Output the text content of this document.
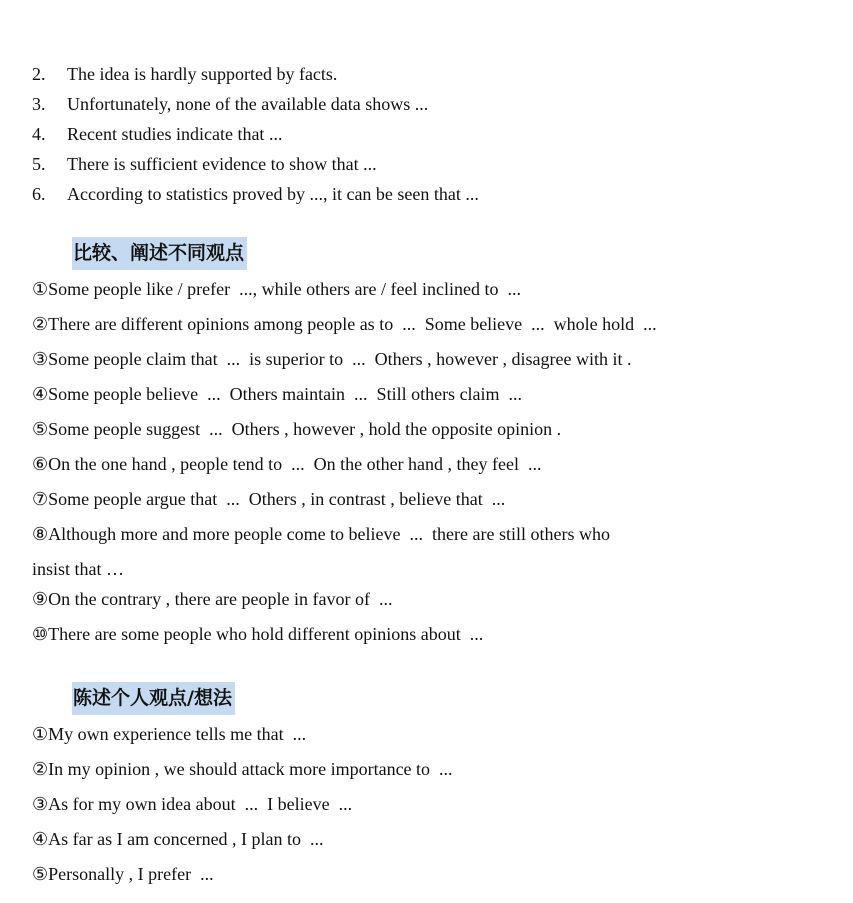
2. The idea is hardly supported by facts.
3. Unfortunately, none of the available data shows ...
4. Recent studies indicate that ...
5. There is sufficient evidence to show that ...
6. According to statistics proved by ..., it can be seen that ...
比较、阐述不同观点
①Some people like / prefer  ..., while others are / feel inclined to  ...
②There are different opinions among people as to  ...  Some believe  ...  whole hold  ...
③Some people claim that  ...  is superior to  ...  Others , however , disagree with it .
④Some people believe  ...  Others maintain  ...  Still others claim  ...
⑤Some people suggest  ...  Others , however , hold the opposite opinion .
⑥On the one hand , people tend to  ...  On the other hand , they feel  ...
⑦Some people argue that  ...  Others , in contrast , believe that  ...
⑧Although more and more people come to believe  ...  there are still others who
insist that …
⑨On the contrary , there are people in favor of  ...
⑩There are some people who hold different opinions about  ...
陈述个人观点/想法
①My own experience tells me that  ...
②In my opinion , we should attack more importance to  ...
③As for my own idea about  ...  I believe  ...
④As far as I am concerned , I plan to  ...
⑤Personally , I prefer  ...
